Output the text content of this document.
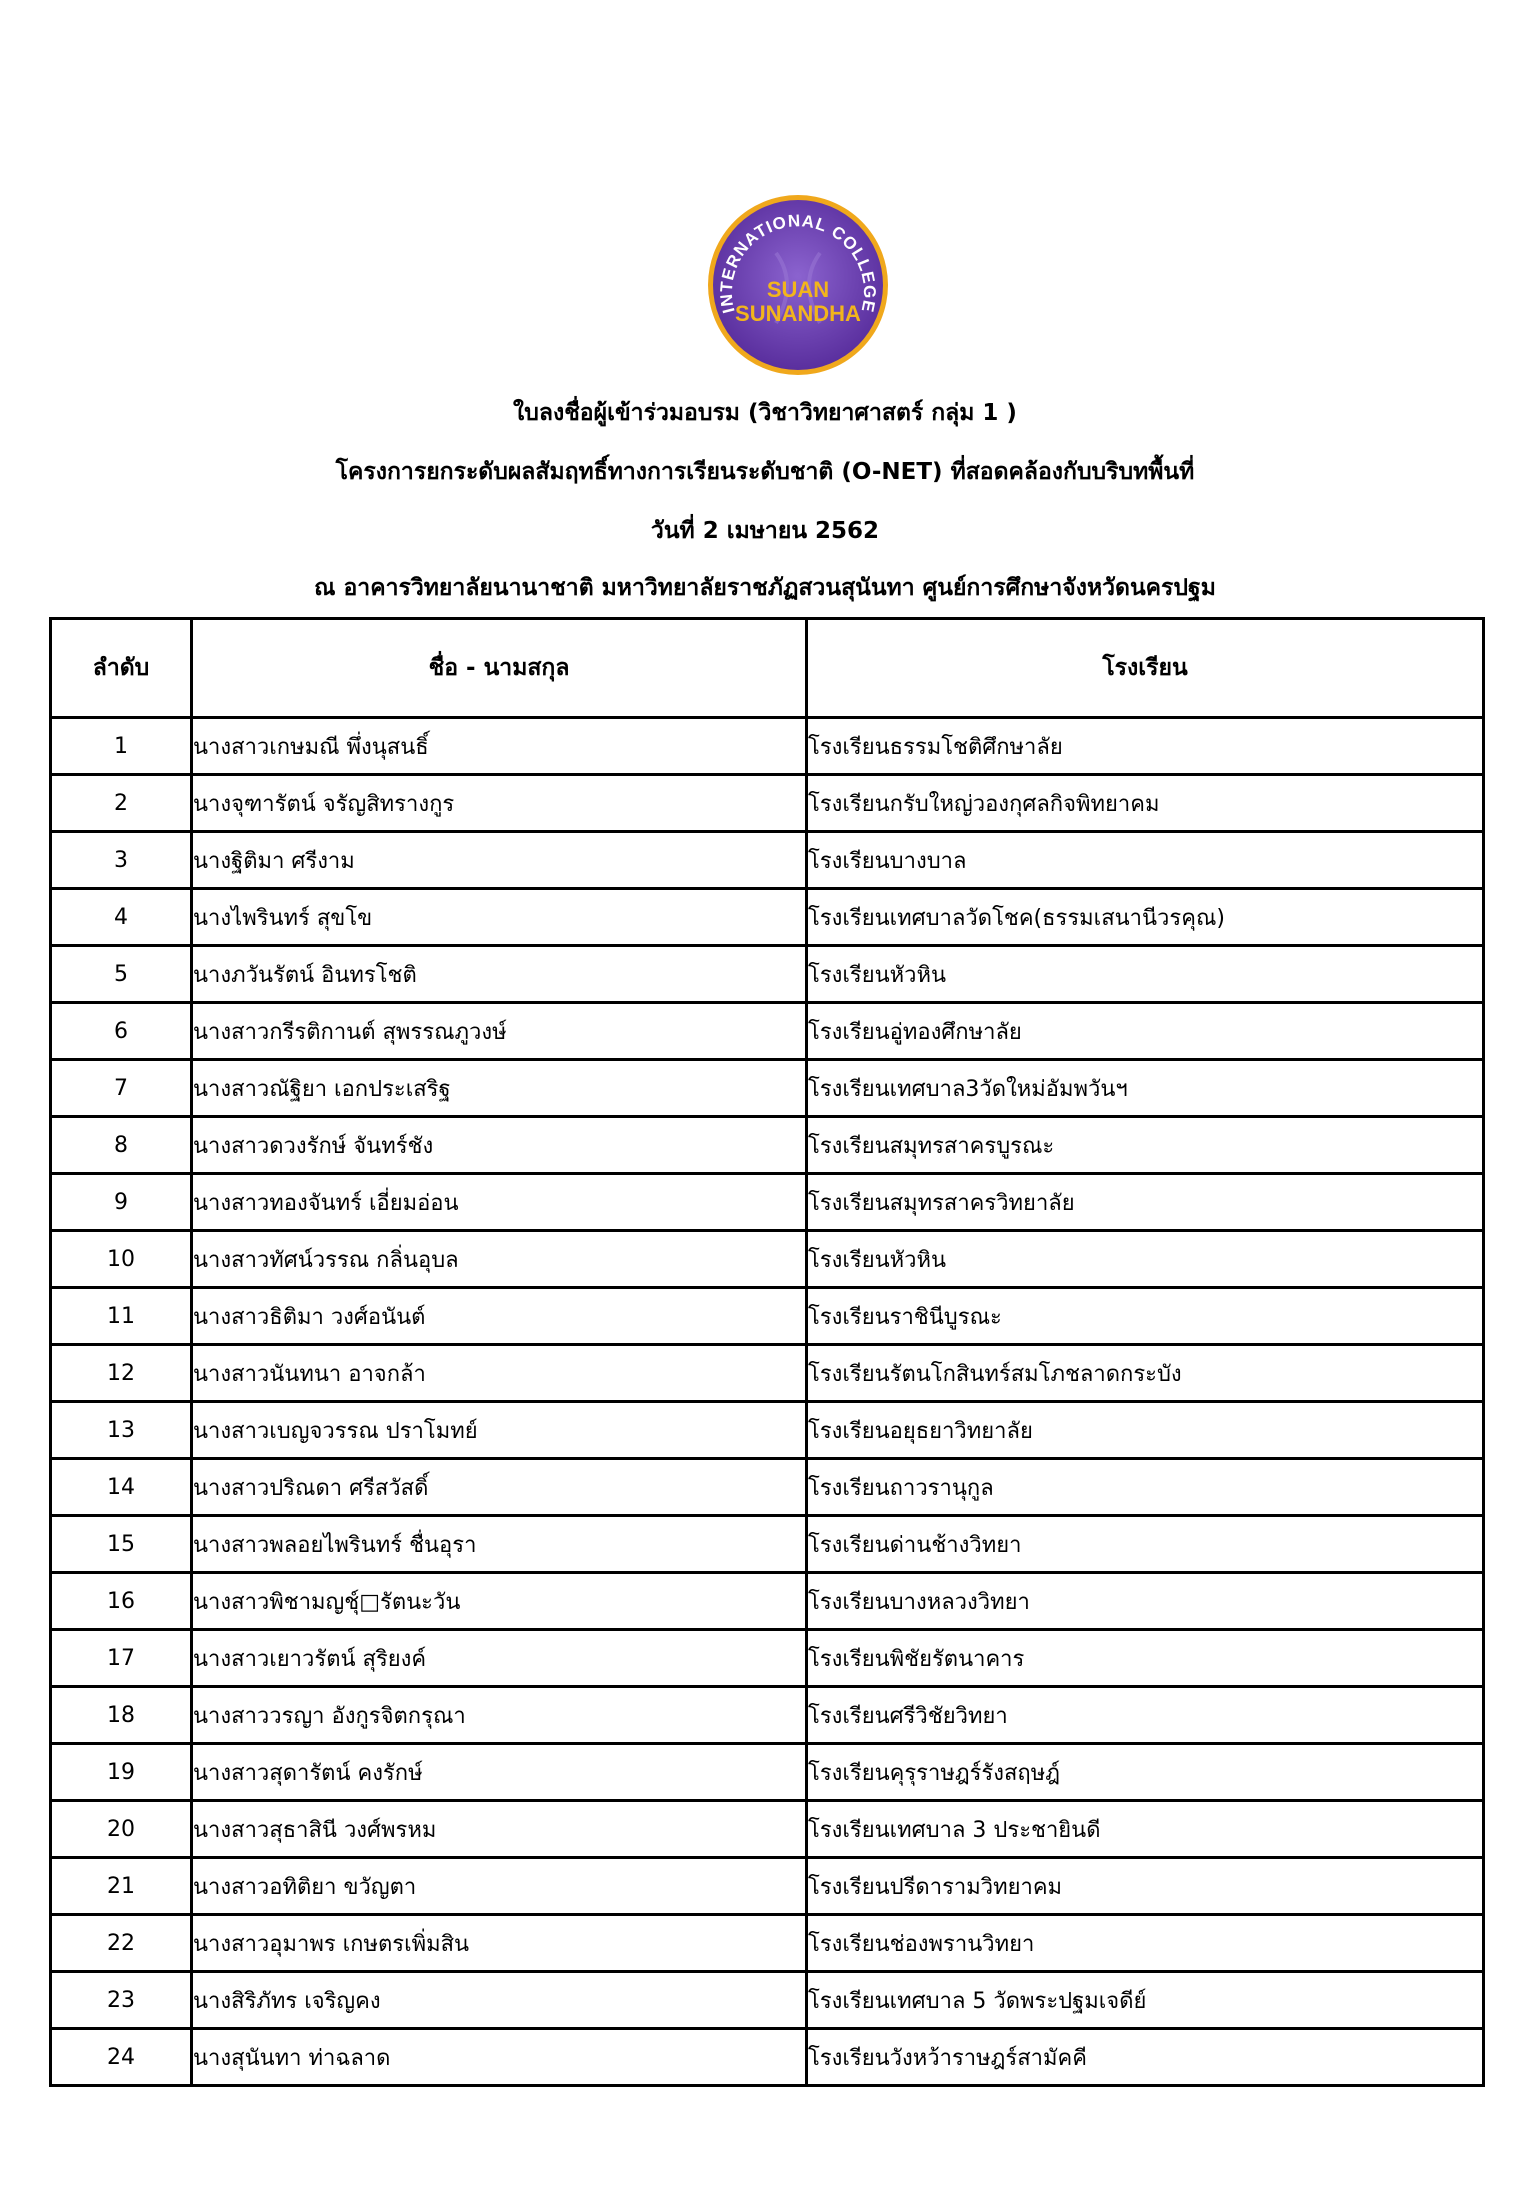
INTERNATIONAL COLLEGE
SUAN
SUNANDHA
ใบลงชื่อผู้เข้าร่วมอบรม (วิชาวิทยาศาสตร์ กลุ่ม 1 )
โครงการยกระดับผลสัมฤทธิ์ทางการเรียนระดับชาติ (O-NET) ที่สอดคล้องกับบริบทพื้นที่
วันที่ 2 เมษายน 2562
ณ อาคารวิทยาลัยนานาชาติ มหาวิทยาลัยราชภัฏสวนสุนันทา ศูนย์การศึกษาจังหวัดนครปฐม
ลำดับ	ชื่อ - นามสกุล	โรงเรียน
1	นางสาวเกษมณี พึ่งนุสนธิ์	โรงเรียนธรรมโชติศึกษาลัย
2	นางจุฑารัตน์ จรัญสิทรางกูร	โรงเรียนกรับใหญ่วองกุศลกิจพิทยาคม
3	นางฐิติมา ศรีงาม	โรงเรียนบางบาล
4	นางไพรินทร์ สุขโข	โรงเรียนเทศบาลวัดโชค(ธรรมเสนานีวรคุณ)
5	นางภวันรัตน์ อินทรโชติ	โรงเรียนหัวหิน
6	นางสาวกรีรติกานต์ สุพรรณภูวงษ์	โรงเรียนอู่ทองศึกษาลัย
7	นางสาวณัฐิยา เอกประเสริฐ	โรงเรียนเทศบาล3วัดใหม่อัมพวันฯ
8	นางสาวดวงรักษ์ จันทร์ชัง	โรงเรียนสมุทรสาครบูรณะ
9	นางสาวทองจันทร์ เอี่ยมอ่อน	โรงเรียนสมุทรสาครวิทยาลัย
10	นางสาวทัศน์วรรณ กลิ่นอุบล	โรงเรียนหัวหิน
11	นางสาวธิติมา วงศ์อนันต์	โรงเรียนราชินีบูรณะ
12	นางสาวนันทนา อาจกล้า	โรงเรียนรัตนโกสินทร์สมโภชลาดกระบัง
13	นางสาวเบญจวรรณ ปราโมทย์	โรงเรียนอยุธยาวิทยาลัย
14	นางสาวปริณดา ศรีสวัสดิ์	โรงเรียนถาวรานุกูล
15	นางสาวพลอยไพรินทร์ ชื่นอุรา	โรงเรียนด่านช้างวิทยา
16	นางสาวพิชามญชุ์□รัตนะวัน	โรงเรียนบางหลวงวิทยา
17	นางสาวเยาวรัตน์ สุริยงค์	โรงเรียนพิชัยรัตนาคาร
18	นางสาววรญา อังกูรจิตกรุณา	โรงเรียนศรีวิชัยวิทยา
19	นางสาวสุดารัตน์ คงรักษ์	โรงเรียนคุรุราษฎร์รังสฤษฎ์
20	นางสาวสุธาสินี วงศ์พรหม	โรงเรียนเทศบาล 3 ประชายินดี
21	นางสาวอทิติยา ขวัญตา	โรงเรียนปรีดารามวิทยาคม
22	นางสาวอุมาพร เกษตรเพิ่มสิน	โรงเรียนช่องพรานวิทยา
23	นางสิริภัทร เจริญคง	โรงเรียนเทศบาล 5 วัดพระปฐมเจดีย์
24	นางสุนันทา ท่าฉลาด	โรงเรียนวังหว้าราษฎร์สามัคคี
